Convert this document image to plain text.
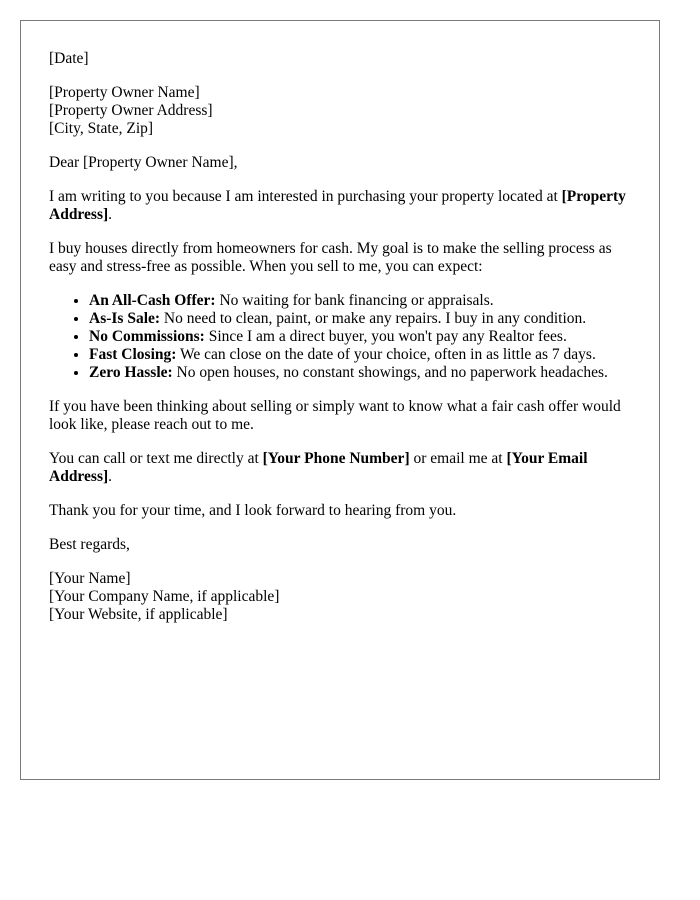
[Date]

[Property Owner Name]
[Property Owner Address]
[City, State, Zip]

Dear [Property Owner Name],

I am writing to you because I am interested in purchasing your property located at [Property Address].

I buy houses directly from homeowners for cash. My goal is to make the selling process as easy and stress-free as possible. When you sell to me, you can expect:

• An All-Cash Offer: No waiting for bank financing or appraisals.
• As-Is Sale: No need to clean, paint, or make any repairs. I buy in any condition.
• No Commissions: Since I am a direct buyer, you won't pay any Realtor fees.
• Fast Closing: We can close on the date of your choice, often in as little as 7 days.
• Zero Hassle: No open houses, no constant showings, and no paperwork headaches.

If you have been thinking about selling or simply want to know what a fair cash offer would look like, please reach out to me.

You can call or text me directly at [Your Phone Number] or email me at [Your Email Address].

Thank you for your time, and I look forward to hearing from you.

Best regards,

[Your Name]
[Your Company Name, if applicable]
[Your Website, if applicable]
